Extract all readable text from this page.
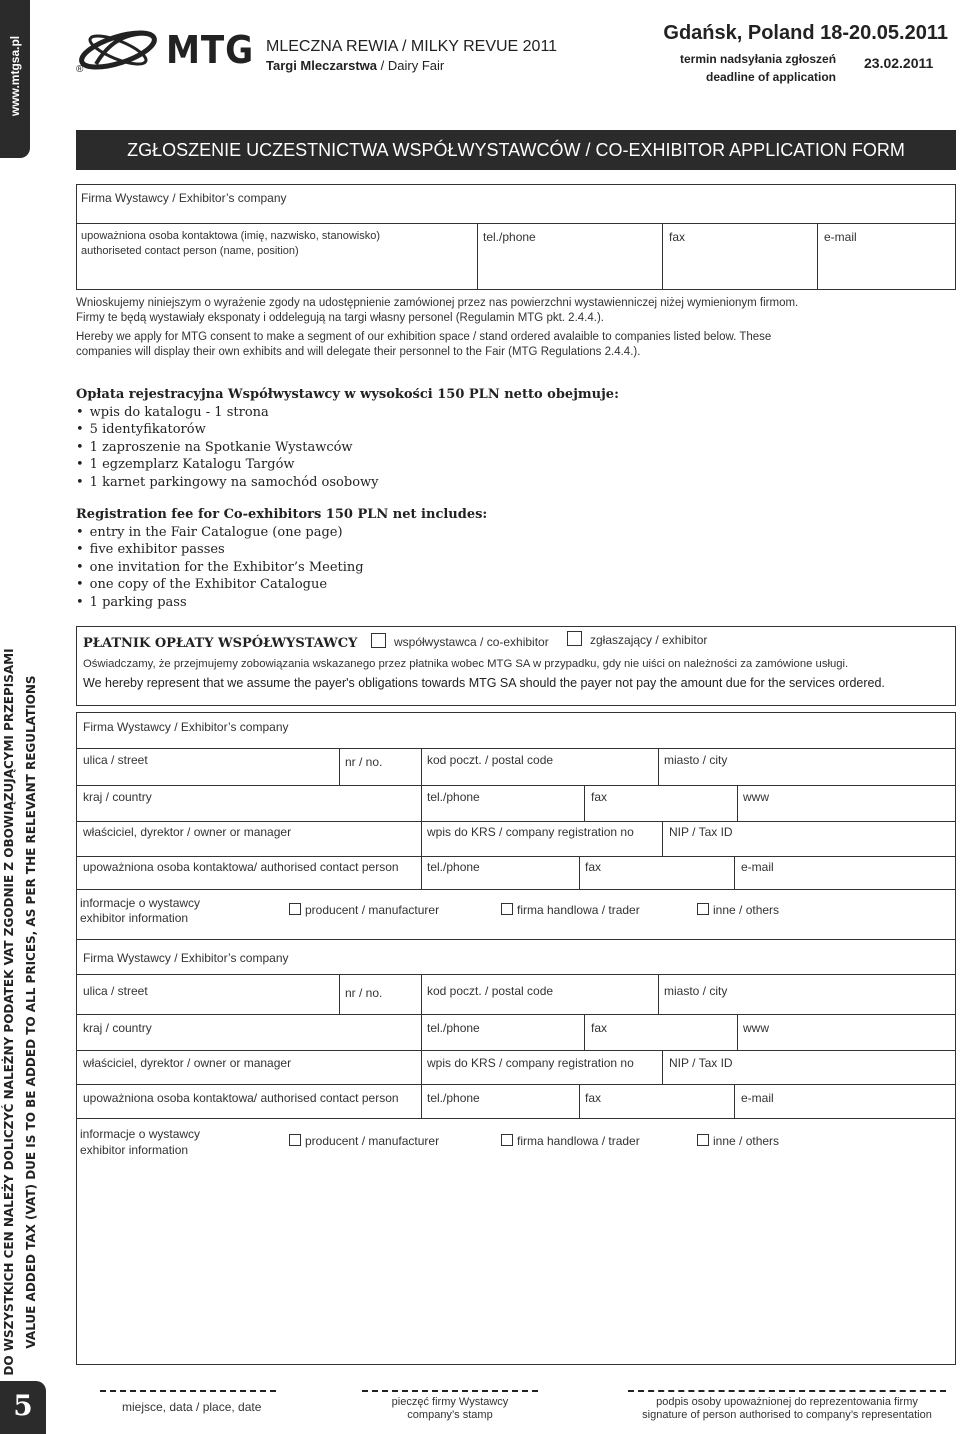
www.mtgsa.pl
DO WSZYSTKICH CEN NALEŻY DOLICZYĆ NALEŻNY PODATEK VAT ZGODNIE Z OBOWIĄZUJĄCYMI PRZEPISAMI VALUE ADDED TAX (VAT) DUE IS TO BE ADDED TO ALL PRICES, AS PER THE RELEVANT REGULATIONS
5
MTG
®
MLECZNA REWIA / MILKY REVUE 2011
Targi Mleczarstwa / Dairy Fair
Gdańsk, Poland 18-20.05.2011
termin nadsyłania zgłoszeń
deadline of application
23.02.2011
ZGŁOSZENIE UCZESTNICTWA WSPÓŁWYSTAWCÓW / CO-EXHIBITOR APPLICATION FORM
Firma Wystawcy / Exhibitor’s company
upoważniona osoba kontaktowa (imię, nazwisko, stanowisko)
authoriseted contact person (name, position)
tel./phone	fax	e-mail
Wnioskujemy niniejszym o wyrażenie zgody na udostępnienie zamówionej przez nas powierzchni wystawienniczej niżej wymienionym firmom.
Firmy te będą wystawiały eksponaty i oddelegują na targi własny personel (Regulamin MTG pkt. 2.4.4.).
Hereby we apply for MTG consent to make a segment of our exhibition space / stand ordered avalaible to companies listed below. These
companies will display their own exhibits and will delegate their personnel to the Fair (MTG Regulations 2.4.4.).
Opłata rejestracyjna Współwystawcy w wysokości 150 PLN netto obejmuje:
• wpis do katalogu - 1 strona
• 5 identyfikatorów
• 1 zaproszenie na Spotkanie Wystawców
• 1 egzemplarz Katalogu Targów
• 1 karnet parkingowy na samochód osobowy
Registration fee for Co-exhibitors 150 PLN net includes:
• entry in the Fair Catalogue (one page)
• five exhibitor passes
• one invitation for the Exhibitor’s Meeting
• one copy of the Exhibitor Catalogue
• 1 parking pass
PŁATNIK OPŁATY WSPÓŁWYSTAWCY	współwystawca / co-exhibitor	zgłaszający / exhibitor
Oświadczamy, że przejmujemy zobowiązania wskazanego przez płatnika wobec MTG SA w przypadku, gdy nie uiści on należności za zamówione usługi.
We hereby represent that we assume the payer's obligations towards MTG SA should the payer not pay the amount due for the services ordered.
Firma Wystawcy / Exhibitor’s company
ulica / street	nr / no.	kod poczt. / postal code	miasto / city
kraj / country	tel./phone	fax	www
właściciel, dyrektor / owner or manager	wpis do KRS / company registration no	NIP / Tax ID
upoważniona osoba kontaktowa/ authorised contact person tel./phone	fax	e-mail
informacje o wystawcy
exhibitor information
producent / manufacturer	firma handlowa / trader	inne / others
Firma Wystawcy / Exhibitor’s company
ulica / street	nr / no.	kod poczt. / postal code	miasto / city
kraj / country	tel./phone	fax	www
właściciel, dyrektor / owner or manager	wpis do KRS / company registration no	NIP / Tax ID
upoważniona osoba kontaktowa/ authorised contact person tel./phone	fax	e-mail
informacje o wystawcy
exhibitor information
producent / manufacturer	firma handlowa / trader	inne / others
miejsce, data / place, date	pieczęć firmy Wystawcy
company’s stamp
podpis osoby upoważnionej do reprezentowania firmy
signature of person authorised to company’s representation
